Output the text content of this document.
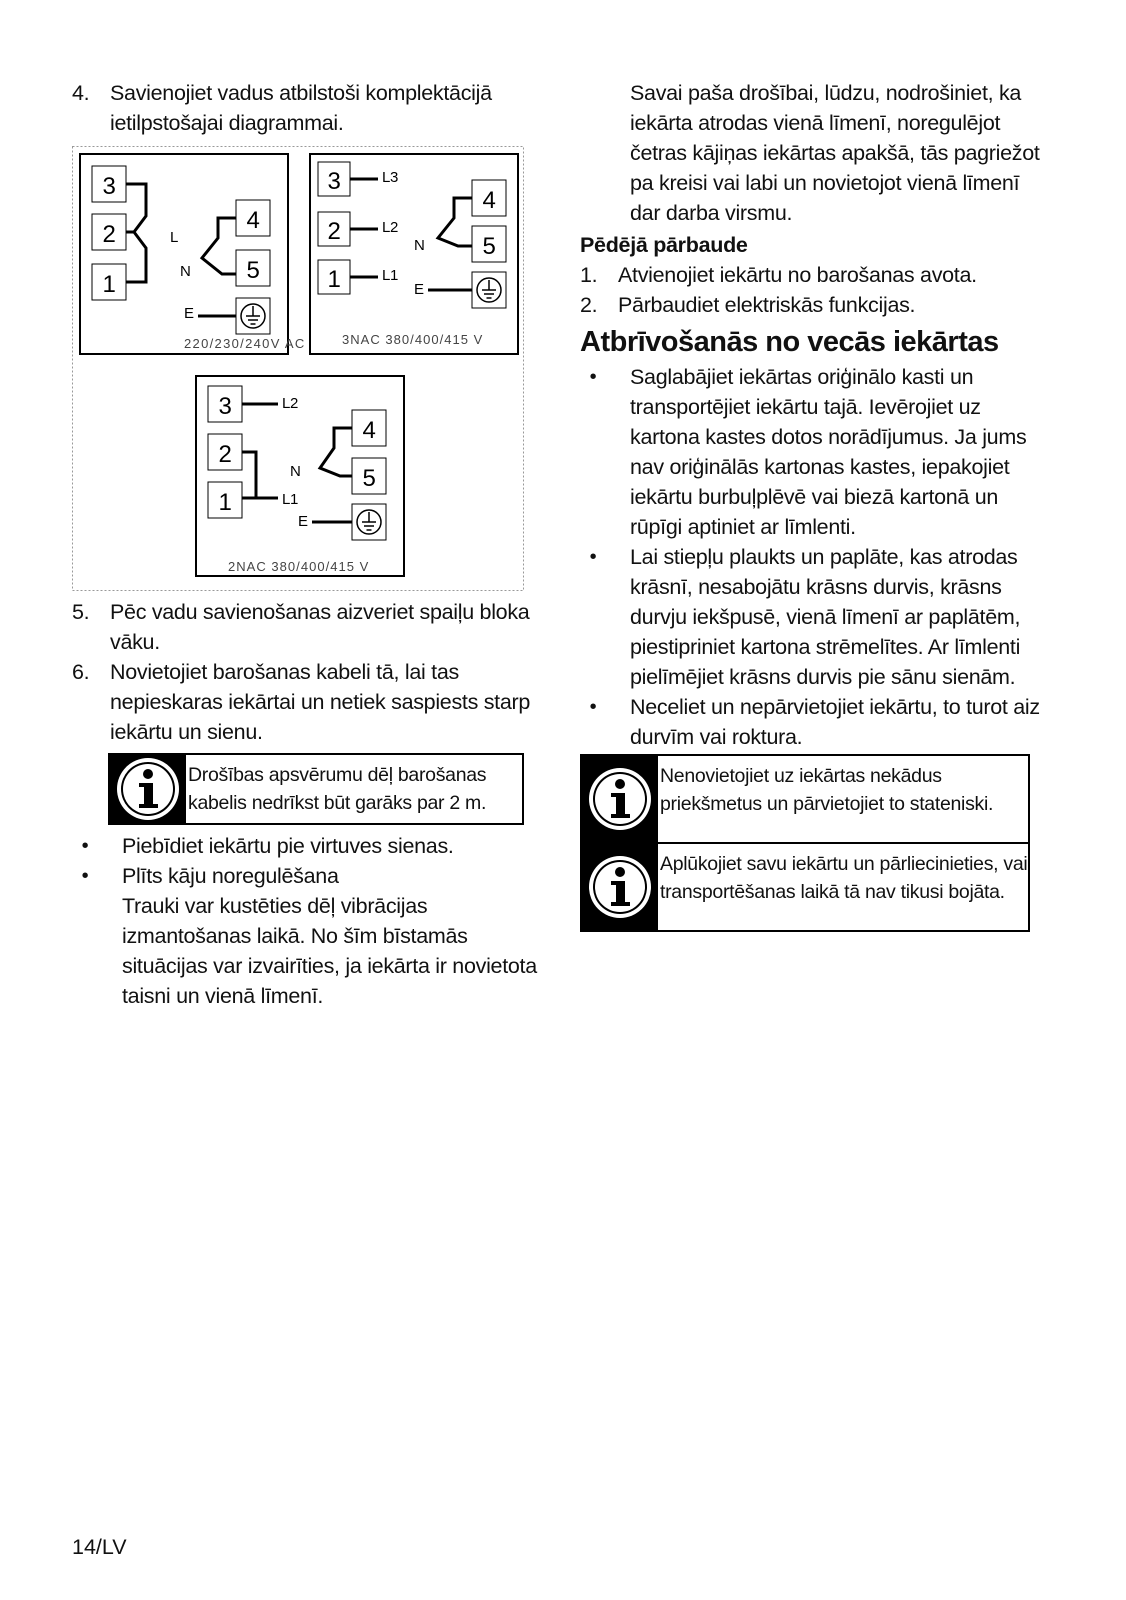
4. Savienojiet vadus atbilstoši komplektācijā ietilpstošajai diagrammai.
3
2
1
4
5
L
N
E
220/230/240V AC
3
2
1
4
5
L3
L2
L1
N
E
3NAC 380/400/415 V
3
2
1
4
5
L2
L1
N
E
2NAC 380/400/415 V
5. Pēc vadu savienošanas aizveriet spaiļu bloka vāku.
6. Novietojiet barošanas kabeli tā, lai tas nepieskaras iekārtai un netiek saspiests starp iekārtu un sienu.
Drošības apsvērumu dēļ barošanas kabelis nedrīkst būt garāks par 2 m.
•	Piebīdiet iekārtu pie virtuves sienas.
•	Plīts kāju noregulēšana
Trauki var kustēties dēļ vibrācijas izmantošanas laikā. No šīm bīstamās situācijas var izvairīties, ja iekārta ir novietota taisni un vienā līmenī.
Savai paša drošībai, lūdzu, nodrošiniet, ka iekārta atrodas vienā līmenī, noregulējot četras kājiņas iekārtas apakšā, tās pagriežot pa kreisi vai labi un novietojot vienā līmenī dar darba virsmu.
Pēdējā pārbaude
1. Atvienojiet iekārtu no barošanas avota.
2. Pārbaudiet elektriskās funkcijas.
Atbrīvošanās no vecās iekārtas
•	Saglabājiet iekārtas oriģinālo kasti un transportējiet iekārtu tajā. Ievērojiet uz kartona kastes dotos norādījumus. Ja jums nav oriģinālās kartonas kastes, iepakojiet iekārtu burbuļplēvē vai biezā kartonā un rūpīgi aptiniet ar līmlenti.
•	Lai stiepļu plaukts un paplāte, kas atrodas krāsnī, nesabojātu krāsns durvis, krāsns durvju iekšpusē, vienā līmenī ar paplātēm, piestipriniet kartona strēmelītes. Ar līmlenti pielīmējiet krāsns durvis pie sānu sienām.
•	Neceliet un nepārvietojiet iekārtu, to turot aiz durvīm vai roktura.
Nenovietojiet uz iekārtas nekādus priekšmetus un pārvietojiet to stateniski.
Aplūkojiet savu iekārtu un pārliecinieties, vai transportēšanas laikā tā nav tikusi bojāta.
14/LV
